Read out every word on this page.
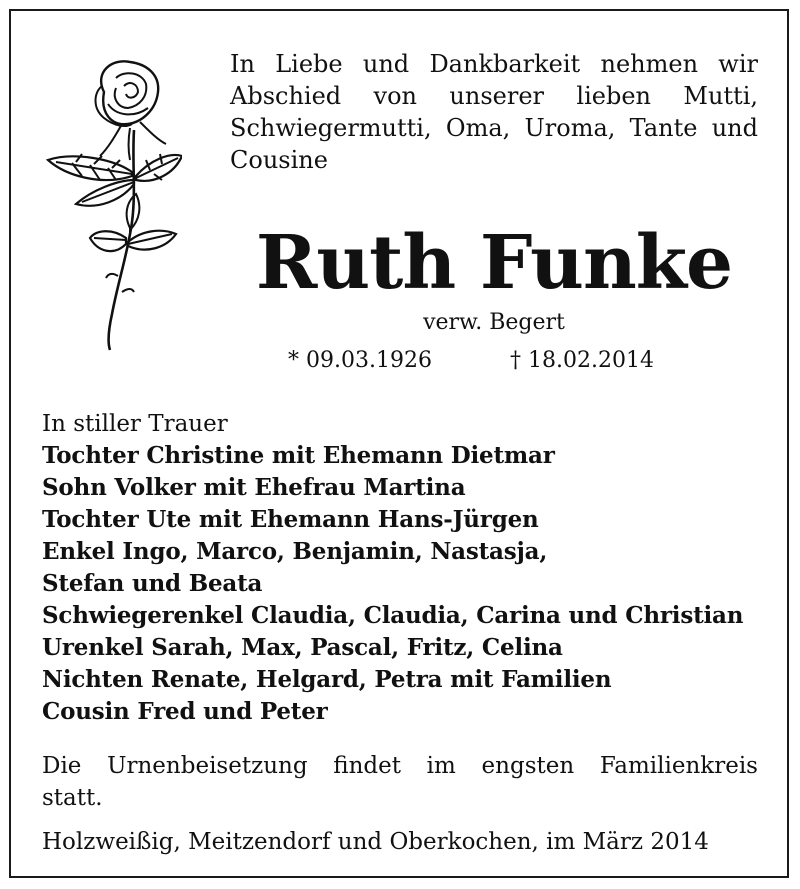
In Liebe und Dankbarkeit nehmen wir
Abschied von unserer lieben Mutti,
Schwiegermutti, Oma, Uroma, Tante und
Cousine
Ruth Funke
verw. Begert
* 09.03.1926	† 18.02.2014
In stiller Trauer
Tochter Christine mit Ehemann Dietmar
Sohn Volker mit Ehefrau Martina
Tochter Ute mit Ehemann Hans-Jürgen
Enkel Ingo, Marco, Benjamin, Nastasja,
Stefan und Beata
Schwiegerenkel Claudia, Claudia, Carina und Christian
Urenkel Sarah, Max, Pascal, Fritz, Celina
Nichten Renate, Helgard, Petra mit Familien
Cousin Fred und Peter
Die Urnenbeisetzung findet im engsten Familienkreis
statt.
Holzweißig, Meitzendorf und Oberkochen, im März 2014
